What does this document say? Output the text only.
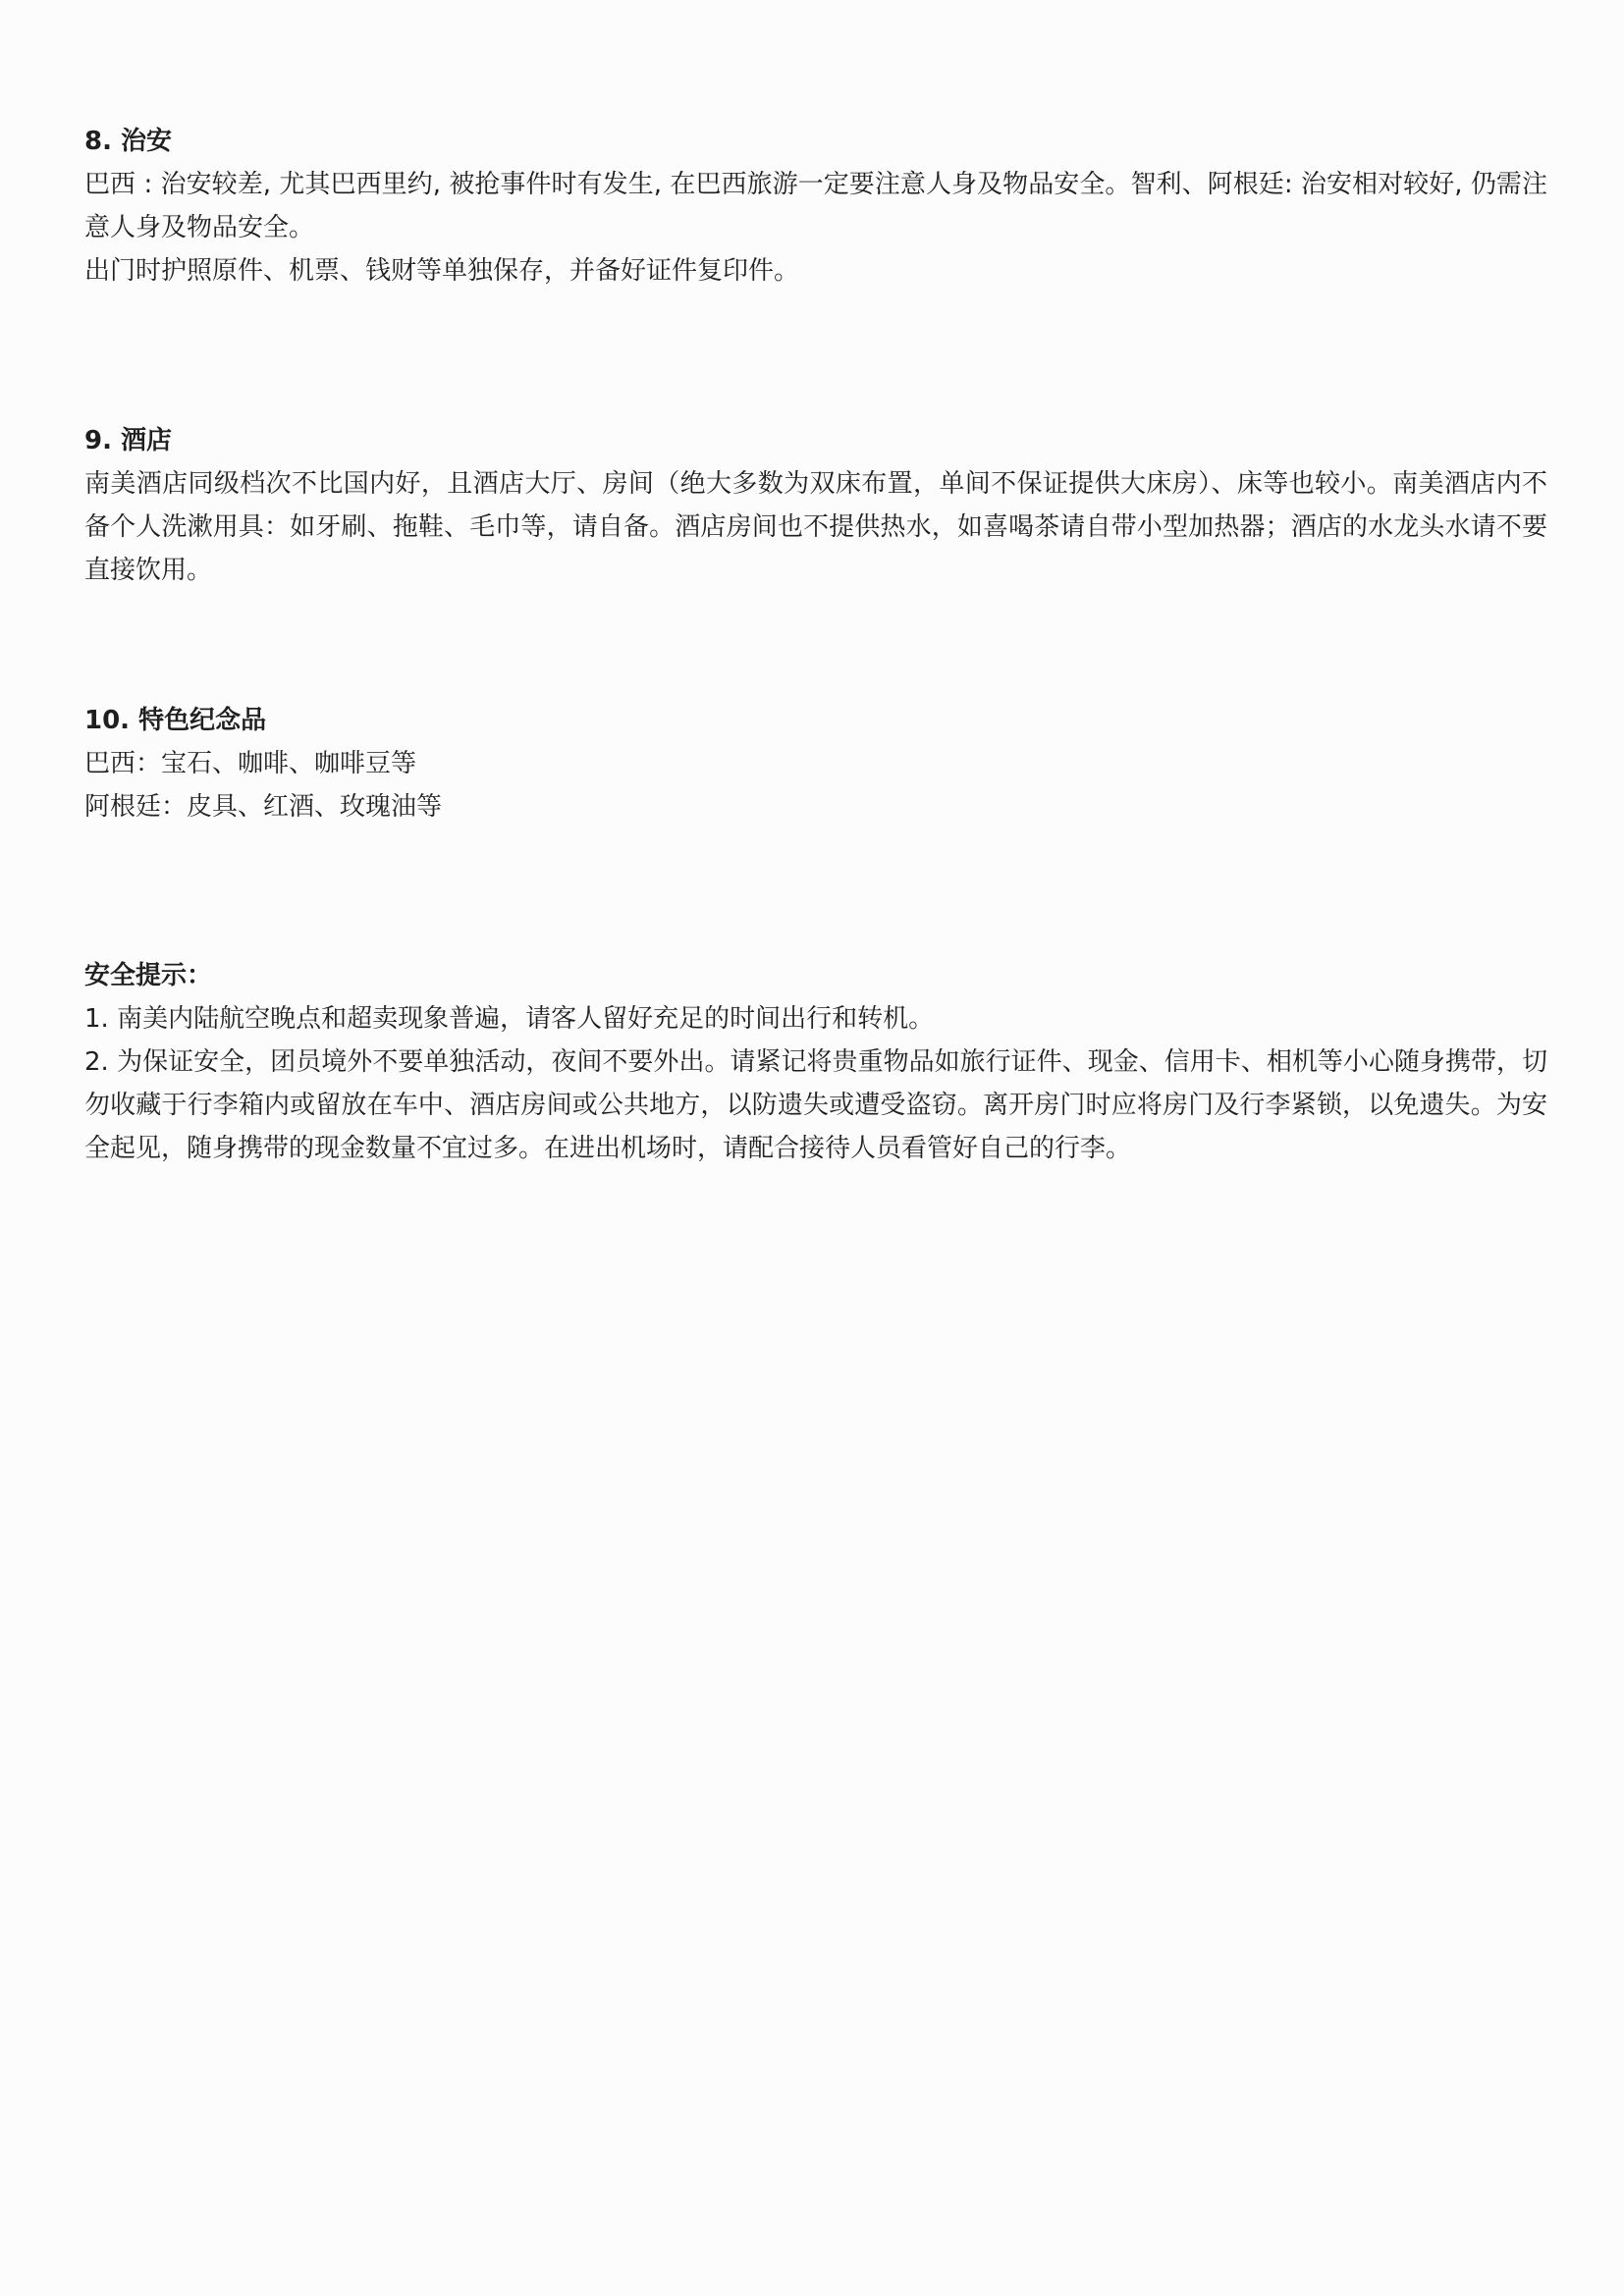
8. 治安

巴西 : 治安较差, 尤其巴西里约, 被抢事件时有发生, 在巴西旅游一定要注意人身及物品安全。智利、阿根廷: 治安相对较好, 仍需注意人身及物品安全。

出门时护照原件、机票、钱财等单独保存，并备好证件复印件。

9. 酒店

南美酒店同级档次不比国内好，且酒店大厅、房间（绝大多数为双床布置，单间不保证提供大床房）、床等也较小。南美酒店内不备个人洗漱用具：如牙刷、拖鞋、毛巾等，请自备。酒店房间也不提供热水，如喜喝茶请自带小型加热器；酒店的水龙头水请不要直接饮用。

10. 特色纪念品

巴西：宝石、咖啡、咖啡豆等

阿根廷：皮具、红酒、玫瑰油等

安全提示：

1. 南美内陆航空晚点和超卖现象普遍，请客人留好充足的时间出行和转机。

2. 为保证安全，团员境外不要单独活动，夜间不要外出。请紧记将贵重物品如旅行证件、现金、信用卡、相机等小心随身携带，切勿收藏于行李箱内或留放在车中、酒店房间或公共地方，以防遗失或遭受盗窃。离开房门时应将房门及行李紧锁，以免遗失。为安全起见，随身携带的现金数量不宜过多。在进出机场时，请配合接待人员看管好自己的行李。
